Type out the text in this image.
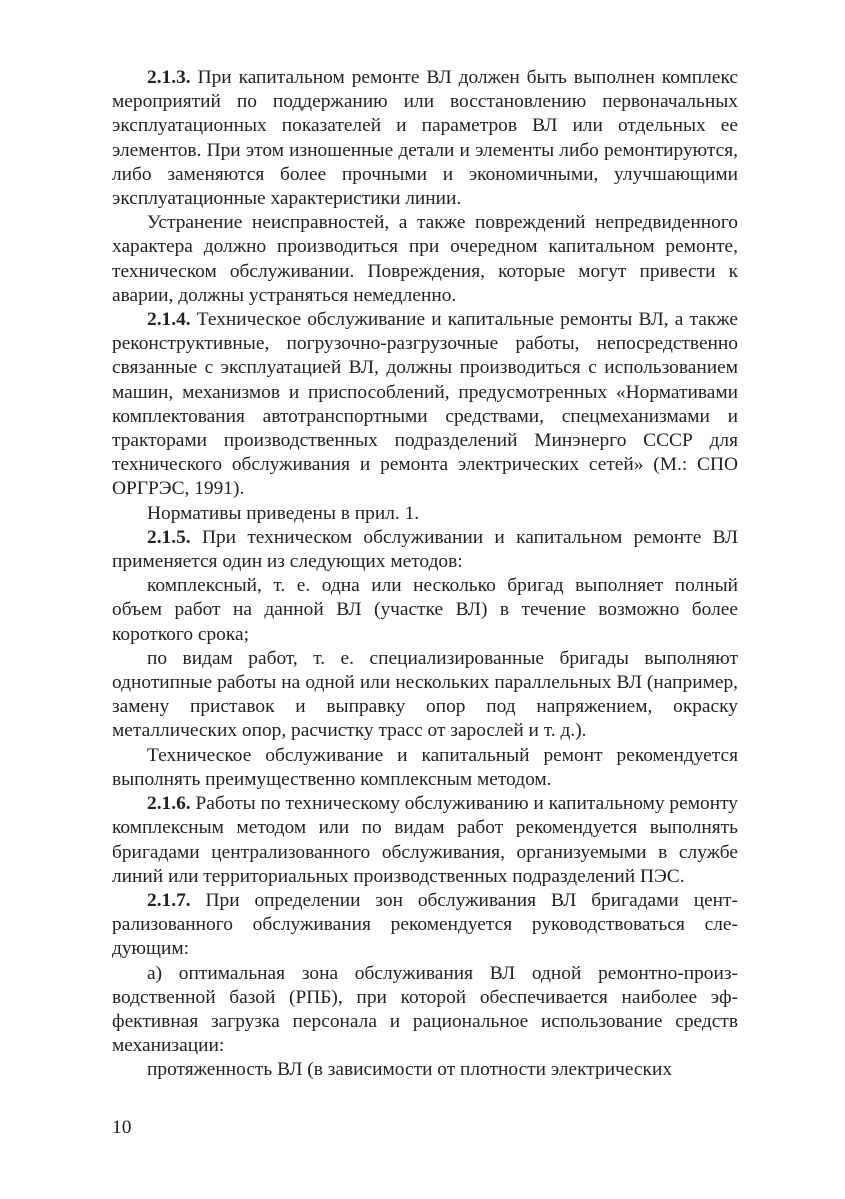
2.1.3. При капитальном ремонте ВЛ должен быть выполнен комплекс мероприятий по поддержанию или восстановлению первоначальных эксплуатационных показателей и параметров ВЛ или отдельных ее элементов. При этом изношенные детали и элементы либо ремонтируются, либо заменяются более прочными и экономичными, улучшающими эксплуатационные характеристики линии.

Устранение неисправностей, а также повреждений непредвиденного характера должно производиться при очередном капитальном ремонте, техническом обслуживании. Повреждения, которые могут привести к аварии, должны устраняться немедленно.

2.1.4. Техническое обслуживание и капитальные ремонты ВЛ, а также реконструктивные, погрузочно-разгрузочные работы, непосредственно связанные с эксплуатацией ВЛ, должны производиться с использованием машин, механизмов и приспособлений, предусмотренных «Нормативами комплектования автотранспортными средствами, спецмеханизмами и тракторами производственных подразделений Минэнерго СССР для технического обслуживания и ремонта электрических сетей» (М.: СПО ОРГРЭС, 1991).

Нормативы приведены в прил. 1.

2.1.5. При техническом обслуживании и капитальном ремонте ВЛ применяется один из следующих методов:

комплексный, т. е. одна или несколько бригад выполняет полный объем работ на данной ВЛ (участке ВЛ) в течение возможно более короткого срока;

по видам работ, т. е. специализированные бригады выполняют однотипные работы на одной или нескольких параллельных ВЛ (например, замену приставок и выправку опор под напряжением, окраску металлических опор, расчистку трасс от зарослей и т. д.).

Техническое обслуживание и капитальный ремонт рекомендуется выполнять преимущественно комплексным методом.

2.1.6. Работы по техническому обслуживанию и капитальному ремонту комплексным методом или по видам работ рекомендуется выполнять бригадами централизованного обслуживания, организуемыми в службе линий или территориальных производственных подразделений ПЭС.

2.1.7. При определении зон обслуживания ВЛ бригадами централизованного обслуживания рекомендуется руководствоваться следующим:

а) оптимальная зона обслуживания ВЛ одной ремонтно-производственной базой (РПБ), при которой обеспечивается наиболее эффективная загрузка персонала и рациональное использование средств механизации:

протяженность ВЛ (в зависимости от плотности электрических

10
